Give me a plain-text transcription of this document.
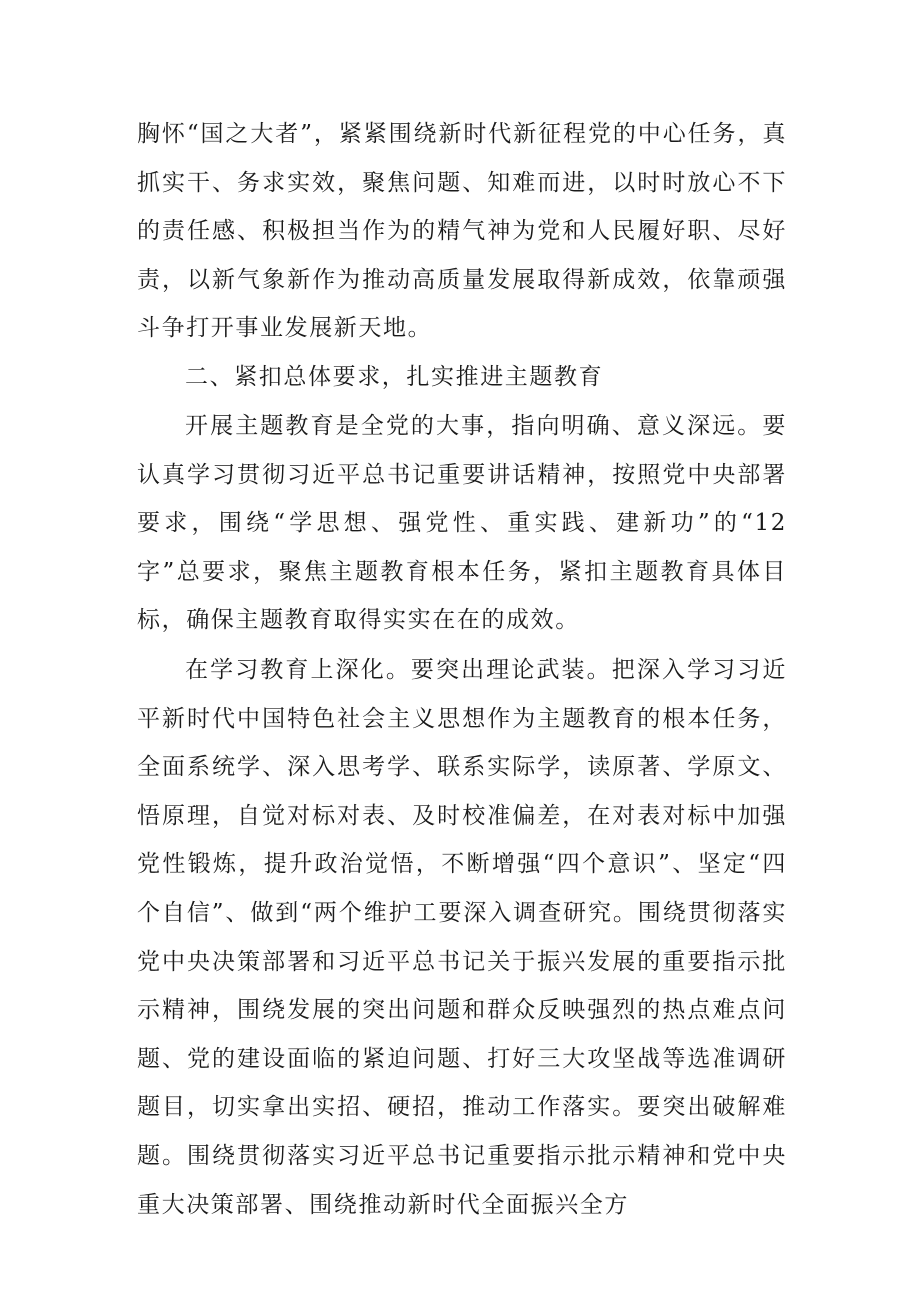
胸怀“国之大者”，紧紧围绕新时代新征程党的中心任务，真抓实干、务求实效，聚焦问题、知难而进，以时时放心不下的责任感、积极担当作为的精气神为党和人民履好职、尽好责，以新气象新作为推动高质量发展取得新成效，依靠顽强斗争打开事业发展新天地。

二、紧扣总体要求，扎实推进主题教育

开展主题教育是全党的大事，指向明确、意义深远。要认真学习贯彻习近平总书记重要讲话精神，按照党中央部署要求，围绕“学思想、强党性、重实践、建新功”的“12字”总要求，聚焦主题教育根本任务，紧扣主题教育具体目标，确保主题教育取得实实在在的成效。

在学习教育上深化。要突出理论武装。把深入学习习近平新时代中国特色社会主义思想作为主题教育的根本任务，全面系统学、深入思考学、联系实际学，读原著、学原文、悟原理，自觉对标对表、及时校准偏差，在对表对标中加强党性锻炼，提升政治觉悟，不断增强“四个意识”、坚定“四个自信”、做到“两个维护工要深入调查研究。围绕贯彻落实党中央决策部署和习近平总书记关于振兴发展的重要指示批示精神，围绕发展的突出问题和群众反映强烈的热点难点问题、党的建设面临的紧迫问题、打好三大攻坚战等选准调研题目，切实拿出实招、硬招，推动工作落实。要突出破解难题。围绕贯彻落实习近平总书记重要指示批示精神和党中央重大决策部署、围绕推动新时代全面振兴全方
